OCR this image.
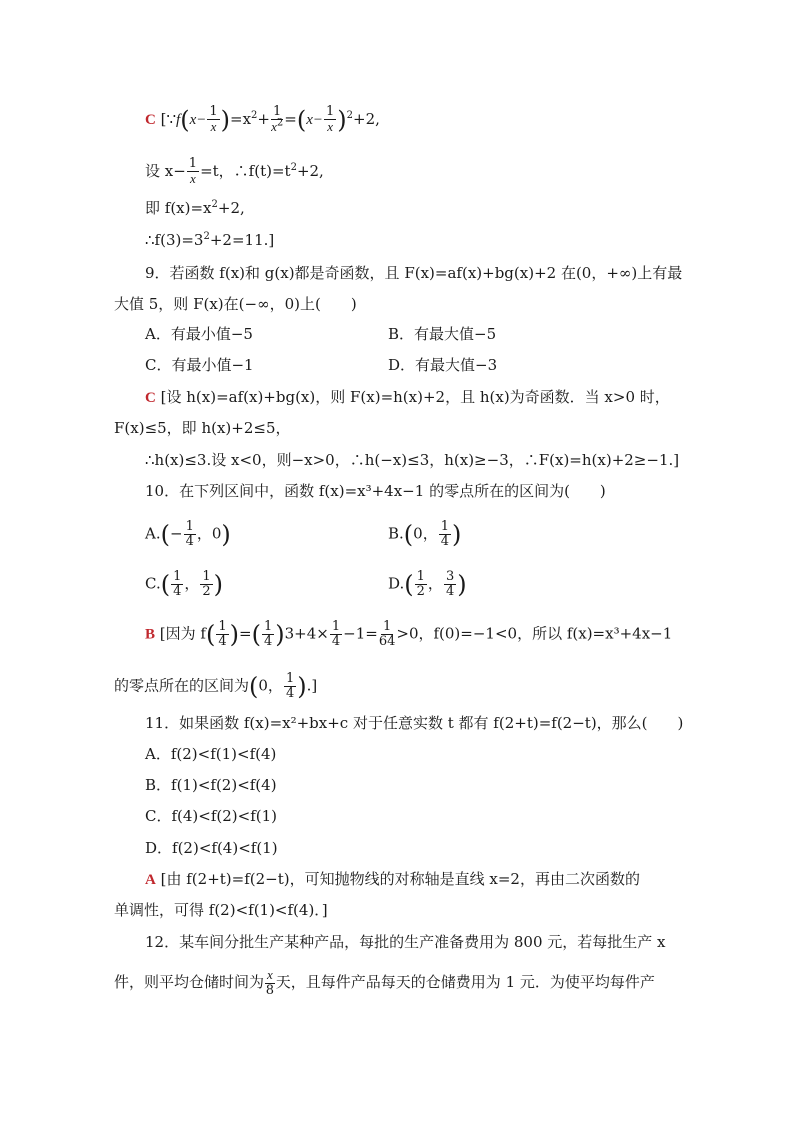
C [∵f(x− $\frac{1}{x} )=x^2+ \frac{1}{x^2} =(x- \frac{1}{x} )^2+2$,
设 $x- \frac{1}{x} =t$，$\therefore f(t)=t^2+2$,
即 $f(x)=x^2+2$,
$\therefore f(3)=3^2+2=11$.]
9．若函数 f(x)和 g(x)都是奇函数，且 F(x)=af(x)+bg(x)+2 在(0，+∞)上有最
大值 5，则 F(x)在(−∞，0)上(　　)
A．有最小值−5	B．有最大值−5
C．有最小值−1	D．有最大值−3
C [设 h(x)=af(x)+bg(x)，则 F(x)=h(x)+2，且 h(x)为奇函数．当 x>0 时，
F(x)≤5，即 h(x)+2≤5，
∴h(x)≤3.设 x<0，则−x>0，∴h(−x)≤3，h(x)≥−3，∴F(x)=h(x)+2≥−1.]
10．在下列区间中，函数 f(x)=x³+4x−1 的零点所在的区间为(　　)
$A.(- \frac{1}{4}$ ，0)	B.(0， $\frac{1}{4}$ )
$C.( \frac{1}{4}$ ， $\frac{1}{2}$ )	$D.( \frac{1}{2}$ ， $\frac{3}{4}$ )
B [因为 $f( \frac{1}{4}$ )=( $\frac{1}{4} )3+4\times \frac{1}{4} -1= \frac{1}{64} >0$，f(0)=−1<0，所以 f(x)=x³+4x−1
的零点所在的区间为(0， $\frac{1}{4}$ ).]
11．如果函数 f(x)=x²+bx+c 对于任意实数 t 都有 f(2+t)=f(2−t)，那么(　　)
A．f(2)<f(1)<f(4)
B．f(1)<f(2)<f(4)
C．f(4)<f(2)<f(1)
D．f(2)<f(4)<f(1)
A [由 f(2+t)=f(2−t)，可知抛物线的对称轴是直线 x=2，再由二次函数的
单调性，可得 f(2)<f(1)<f(4)．]
12．某车间分批生产某种产品，每批的生产准备费用为 800 元，若每批生产 x
件，则平均仓储时间为 $\frac{x}{8}$ 天，且每件产品每天的仓储费用为 1 元．为使平均每件产
